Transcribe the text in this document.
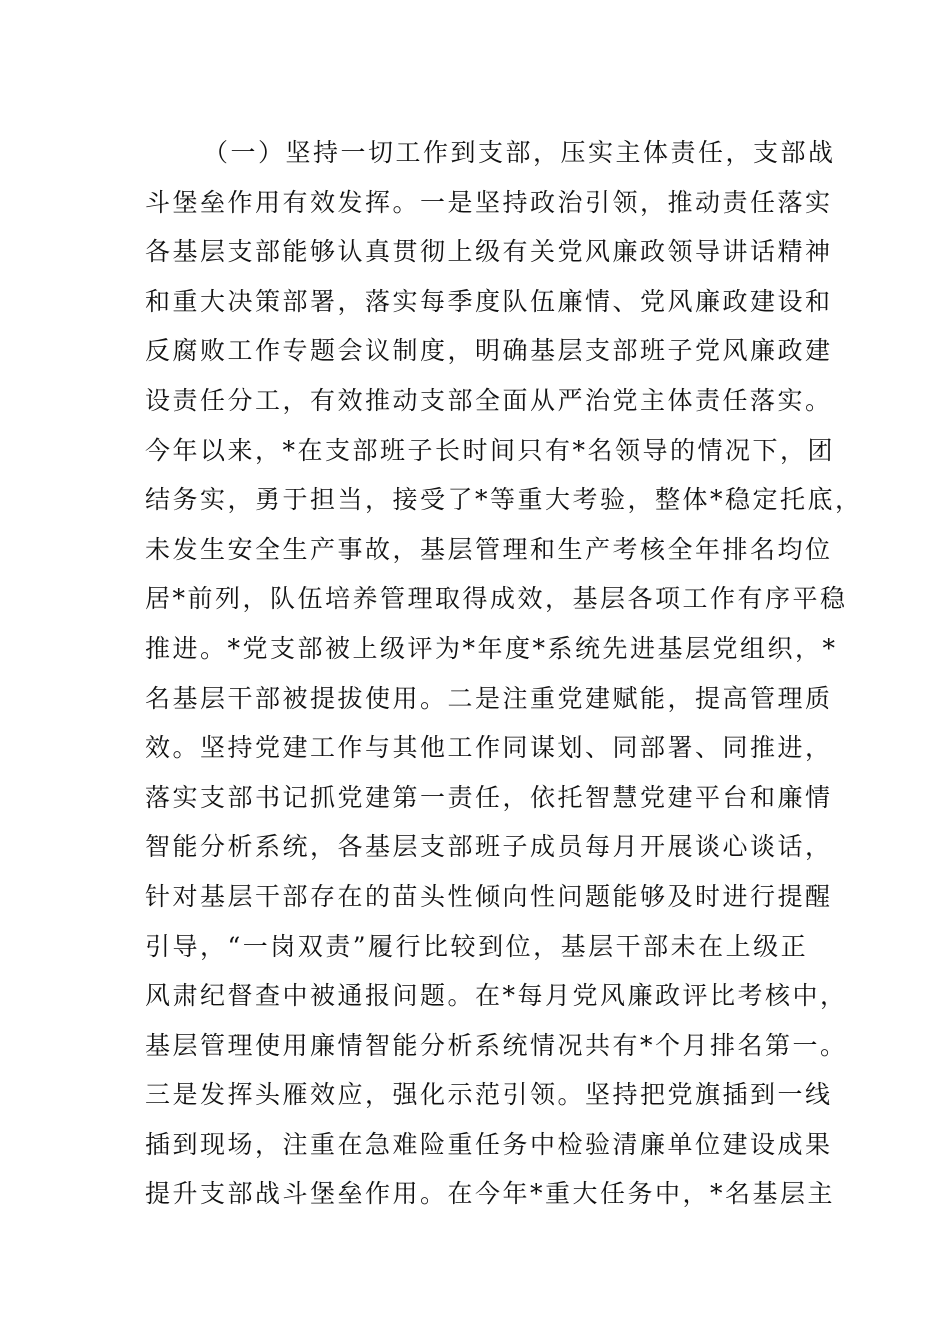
（一）坚持一切工作到支部，压实主体责任，支部战
斗堡垒作用有效发挥。一是坚持政治引领，推动责任落实
各基层支部能够认真贯彻上级有关党风廉政领导讲话精神
和重大决策部署，落实每季度队伍廉情、党风廉政建设和
反腐败工作专题会议制度，明确基层支部班子党风廉政建
设责任分工，有效推动支部全面从严治党主体责任落实。
今年以来，*在支部班子长时间只有*名领导的情况下，团
结务实，勇于担当，接受了*等重大考验，整体*稳定托底，
未发生安全生产事故，基层管理和生产考核全年排名均位
居*前列，队伍培养管理取得成效，基层各项工作有序平稳
推进。*党支部被上级评为*年度*系统先进基层党组织，*
名基层干部被提拔使用。二是注重党建赋能，提高管理质
效。坚持党建工作与其他工作同谋划、同部署、同推进，
落实支部书记抓党建第一责任，依托智慧党建平台和廉情
智能分析系统，各基层支部班子成员每月开展谈心谈话，
针对基层干部存在的苗头性倾向性问题能够及时进行提醒
引导，“一岗双责”履行比较到位，基层干部未在上级正
风肃纪督查中被通报问题。在*每月党风廉政评比考核中，
基层管理使用廉情智能分析系统情况共有*个月排名第一。
三是发挥头雁效应，强化示范引领。坚持把党旗插到一线
插到现场，注重在急难险重任务中检验清廉单位建设成果
提升支部战斗堡垒作用。在今年*重大任务中，*名基层主
